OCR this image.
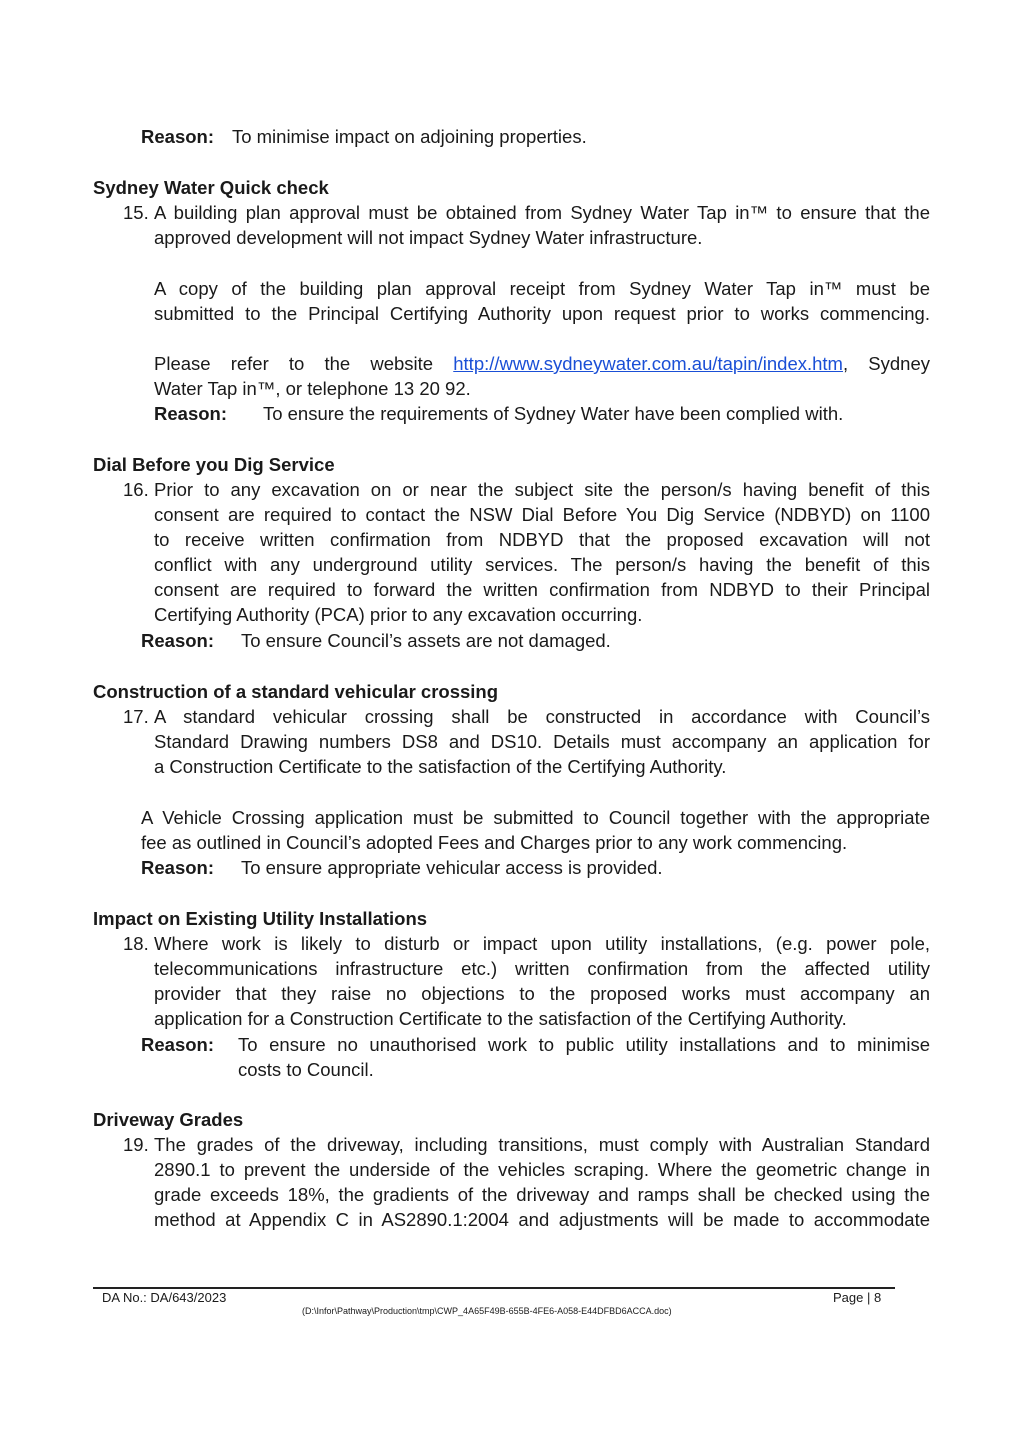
Reason: To minimise impact on adjoining properties.
Sydney Water Quick check
15. A building plan approval must be obtained from Sydney Water Tap in™ to ensure that the
approved development will not impact Sydney Water infrastructure.
A copy of the building plan approval receipt from Sydney Water Tap in™ must be
submitted to the Principal Certifying Authority upon request prior to works commencing.
Please refer to the website http://www.sydneywater.com.au/tapin/index.htm, Sydney
Water Tap in™, or telephone 13 20 92.
Reason: To ensure the requirements of Sydney Water have been complied with.
Dial Before you Dig Service
16. Prior to any excavation on or near the subject site the person/s having benefit of this
consent are required to contact the NSW Dial Before You Dig Service (NDBYD) on 1100
to receive written confirmation from NDBYD that the proposed excavation will not
conflict with any underground utility services. The person/s having the benefit of this
consent are required to forward the written confirmation from NDBYD to their Principal
Certifying Authority (PCA) prior to any excavation occurring.
Reason: To ensure Council’s assets are not damaged.
Construction of a standard vehicular crossing
17. A standard vehicular crossing shall be constructed in accordance with Council’s
Standard Drawing numbers DS8 and DS10. Details must accompany an application for
a Construction Certificate to the satisfaction of the Certifying Authority.
A Vehicle Crossing application must be submitted to Council together with the appropriate
fee as outlined in Council’s adopted Fees and Charges prior to any work commencing.
Reason: To ensure appropriate vehicular access is provided.
Impact on Existing Utility Installations
18. Where work is likely to disturb or impact upon utility installations, (e.g. power pole,
telecommunications infrastructure etc.) written confirmation from the affected utility
provider that they raise no objections to the proposed works must accompany an
application for a Construction Certificate to the satisfaction of the Certifying Authority.
Reason: To ensure no unauthorised work to public utility installations and to minimise
costs to Council.
Driveway Grades
19. The grades of the driveway, including transitions, must comply with Australian Standard
2890.1 to prevent the underside of the vehicles scraping. Where the geometric change in
grade exceeds 18%, the gradients of the driveway and ramps shall be checked using the
method at Appendix C in AS2890.1:2004 and adjustments will be made to accommodate
DA No.: DA/643/2023	Page | 8
(D:\Infor\Pathway\Production\tmp\CWP_4A65F49B-655B-4FE6-A058-E44DFBD6ACCA.doc)
